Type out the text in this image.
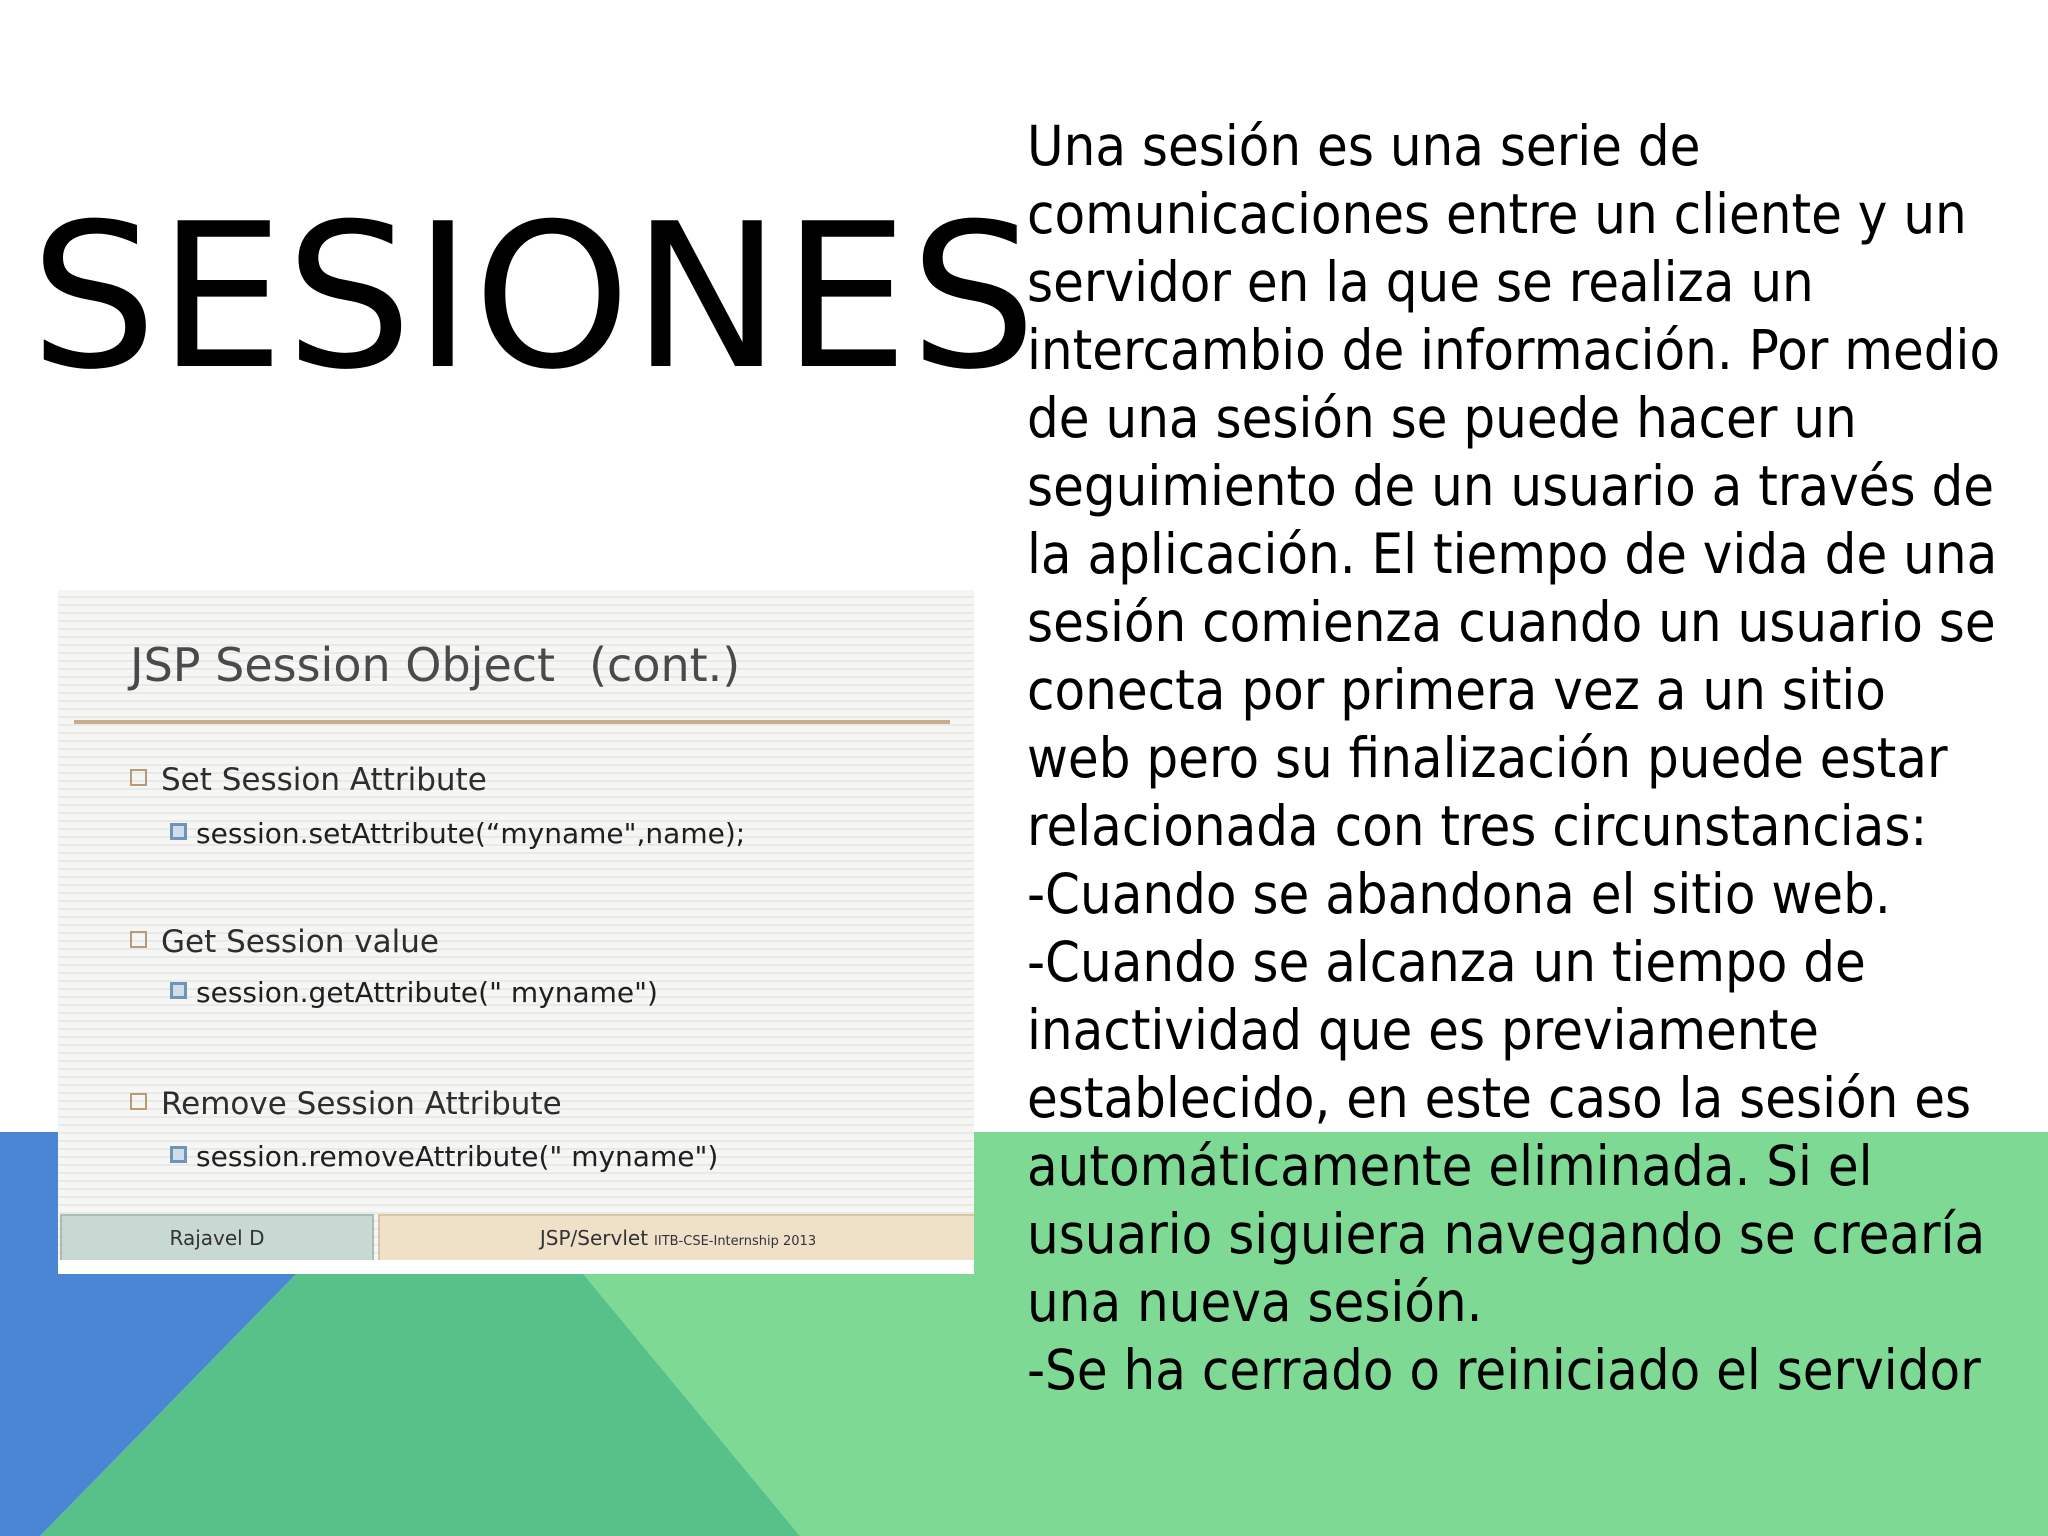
SESIONES
Una sesión es una serie de
comunicaciones entre un cliente y un
servidor en la que se realiza un
intercambio de información. Por medio
de una sesión se puede hacer un
seguimiento de un usuario a través de
la aplicación. El tiempo de vida de una
sesión comienza cuando un usuario se
conecta por primera vez a un sitio
web pero su finalización puede estar
relacionada con tres circunstancias:
-Cuando se abandona el sitio web.
-Cuando se alcanza un tiempo de
inactividad que es previamente
establecido, en este caso la sesión es
automáticamente eliminada. Si el
usuario siguiera navegando se crearía
una nueva sesión.
-Se ha cerrado o reiniciado el servidor
JSP Session Object (cont.)
Set Session Attribute
session.setAttribute(“myname",name);
Get Session value
session.getAttribute(" myname")
Remove Session Attribute
session.removeAttribute(" myname")
Rajavel D	JSP/Servlet IITB-CSE-Internship 2013
